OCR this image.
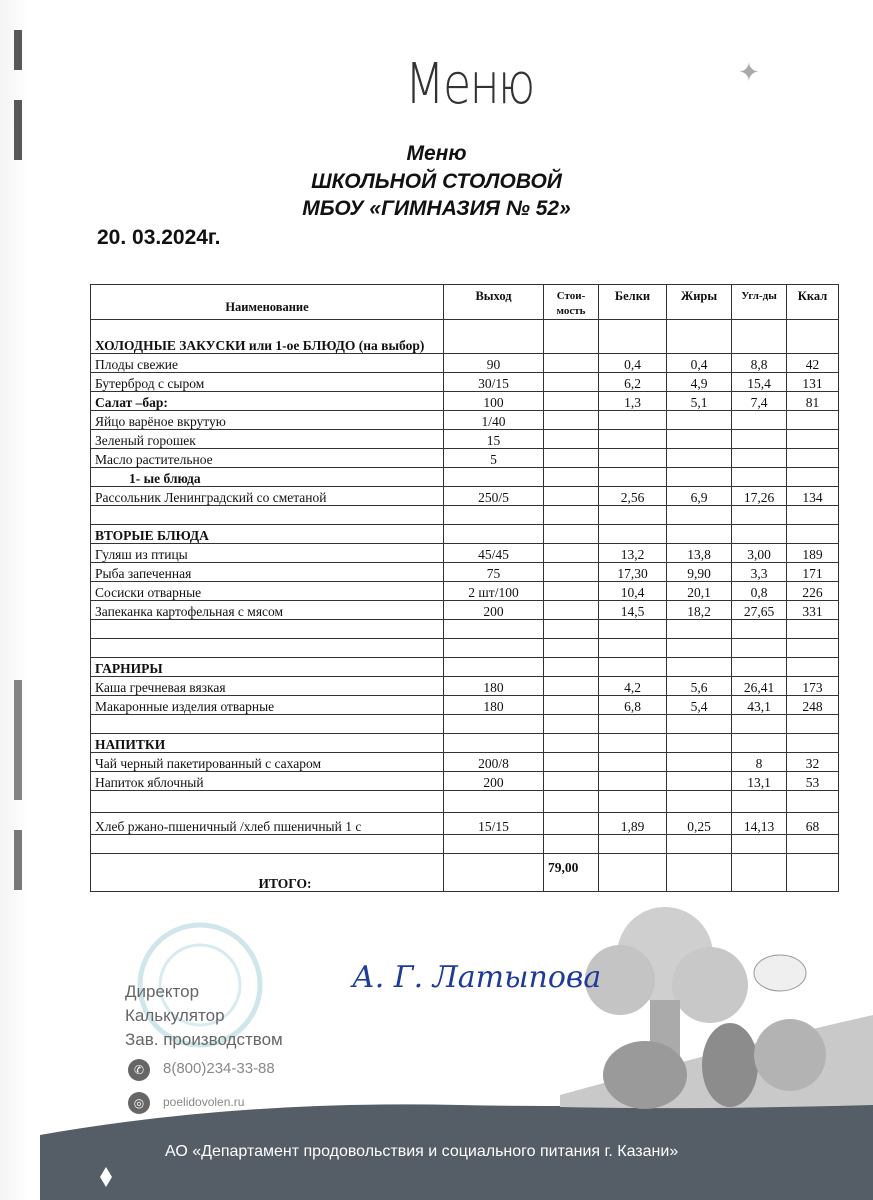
Меню	✦
Меню
ШКОЛЬНОЙ СТОЛОВОЙ
МБОУ «ГИМНАЗИЯ № 52»
20. 03.2024г.
Наименование	Выход	Стои-мость	Белки	Жиры	Угл-ды	Ккал
ХОЛОДНЫЕ ЗАКУСКИ или 1-ое БЛЮДО (на выбор)						
Плоды свежие	90		0,4	0,4	8,8	42
Бутерброд с сыром	30/15		6,2	4,9	15,4	131
Салат –бар:	100		1,3	5,1	7,4	81
Яйцо варёное вкрутую	1/40					
Зеленый горошек	15					
Масло растительное	5					
1- ые блюда						
Рассольник Ленинградский со сметаной	250/5		2,56	6,9	17,26	134

ВТОРЫЕ БЛЮДА						
Гуляш из птицы	45/45		13,2	13,8	3,00	189
Рыба запеченная	75		17,30	9,90	3,3	171
Сосиски отварные	2 шт/100		10,4	20,1	0,8	226
Запеканка картофельная с мясом	200		14,5	18,2	27,65	331

ГАРНИРЫ						
Каша гречневая вязкая	180		4,2	5,6	26,41	173
Макаронные изделия отварные	180		6,8	5,4	43,1	248

НАПИТКИ						
Чай черный пакетированный с сахаром	200/8				8	32
Напиток яблочный	200				13,1	53

Хлеб ржано-пшеничный /хлеб пшеничный 1 с	15/15		1,89	0,25	14,13	68

ИТОГО:		79,00				
Директор
Калькулятор
Зав. производством
А. Г. Латыпова
✆	8(800)234-33-88
◎	poelidovolen.ru
АО «Департамент продовольствия и социального питания г. Казани»
